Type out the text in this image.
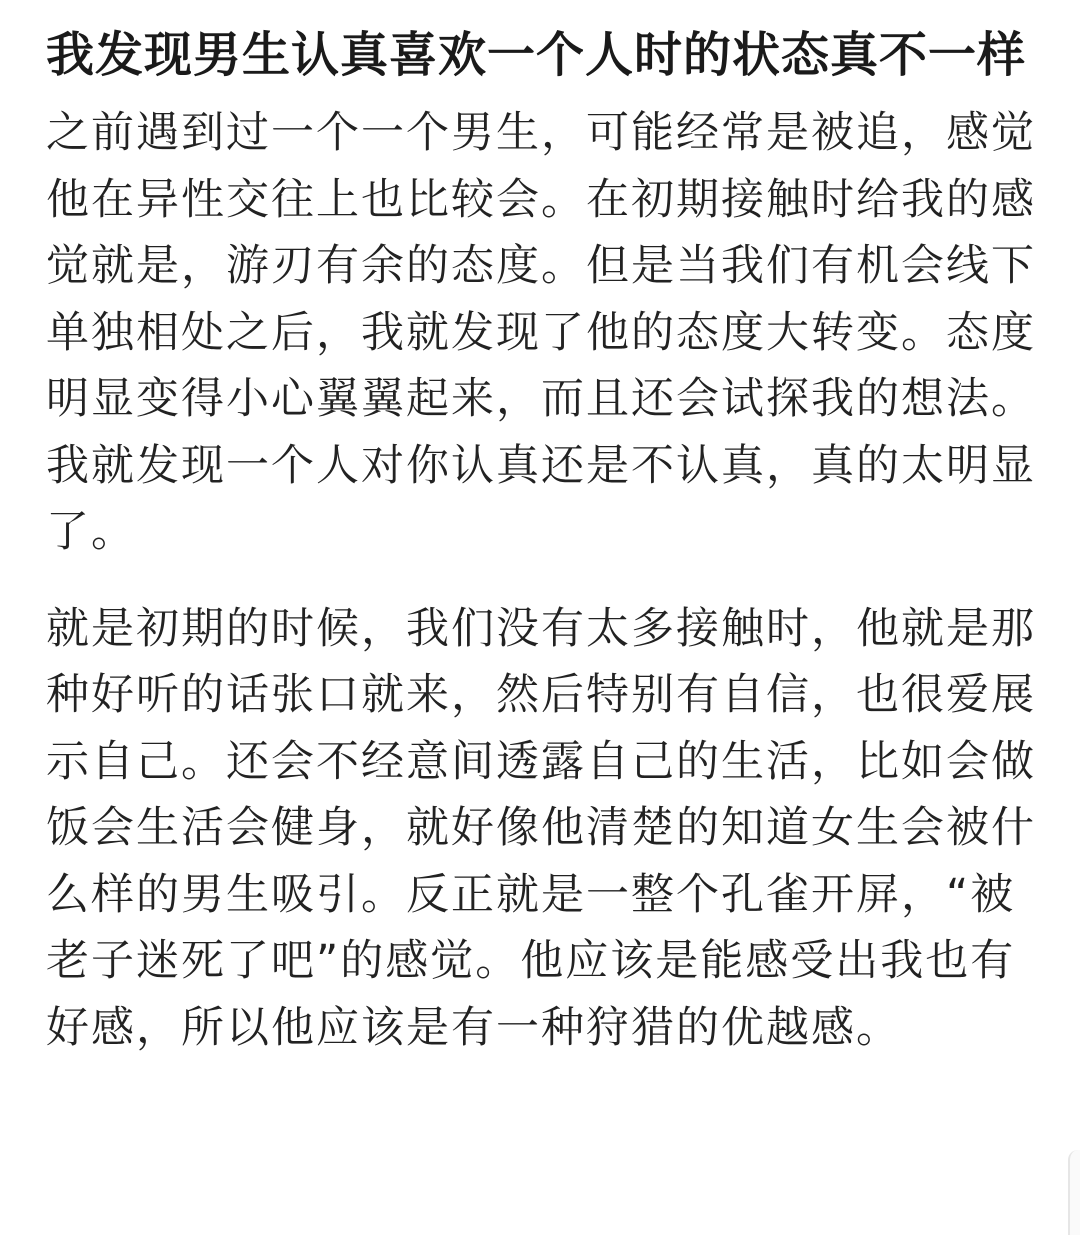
我发现男生认真喜欢一个人时的状态真不一样

之前遇到过一个一个男生，可能经常是被追，感觉他在异性交往上也比较会。在初期接触时给我的感觉就是，游刃有余的态度。但是当我们有机会线下单独相处之后，我就发现了他的态度大转变。态度明显变得小心翼翼起来，而且还会试探我的想法。我就发现一个人对你认真还是不认真，真的太明显了。

就是初期的时候，我们没有太多接触时，他就是那种好听的话张口就来，然后特别有自信，也很爱展示自己。还会不经意间透露自己的生活，比如会做饭会生活会健身，就好像他清楚的知道女生会被什么样的男生吸引。反正就是一整个孔雀开屏，“被老子迷死了吧”的感觉。他应该是能感受出我也有好感，所以他应该是有一种狩猎的优越感。
